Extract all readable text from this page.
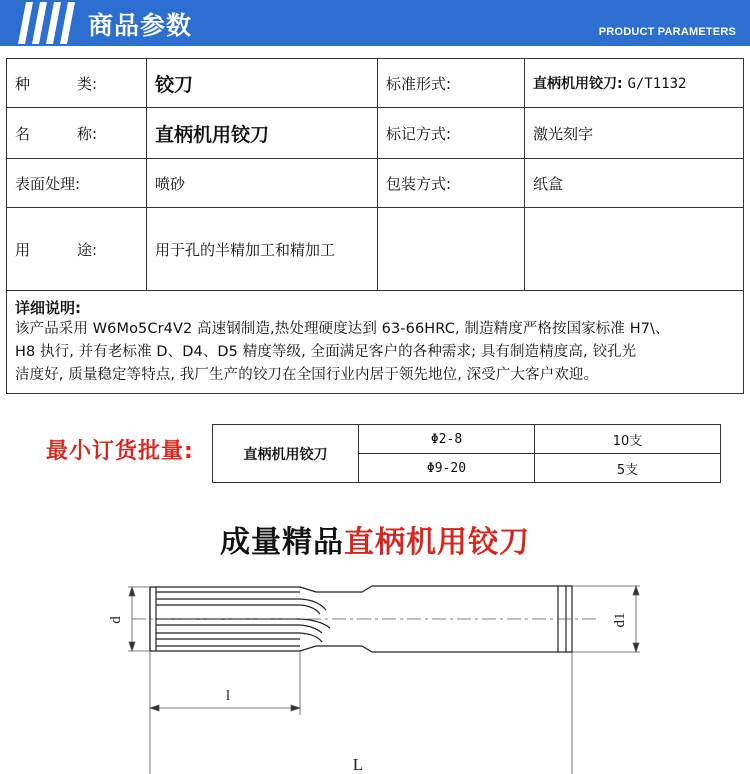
商品参数	PRODUCT PARAMETERS
种 类:	铰刀	标准形式:	直柄机用铰刀: G/T1132

名 称:	直柄机用铰刀	标记方式:	激光刻字
表面处理:	喷砂	包装方式:	纸盒

用 途:	用于孔的半精加工和精加工		

详细说明:
该产品采用 W6Mo5Cr4V2 高速钢制造,热处理硬度达到 63-66HRC, 制造精度严格按国家标准 H7\、
H8 执行, 并有老标准 D、D4、D5 精度等级, 全面满足客户的各种需求; 具有制造精度高, 铰孔光
洁度好, 质量稳定等特点, 我厂生产的铰刀在全国行业内居于领先地位, 深受广大客户欢迎。			
最小订货批量:	直柄机用铰刀	Φ2-8	10支
	Φ9-20	5支
成量精品直柄机用铰刀
d	d1
l
L
